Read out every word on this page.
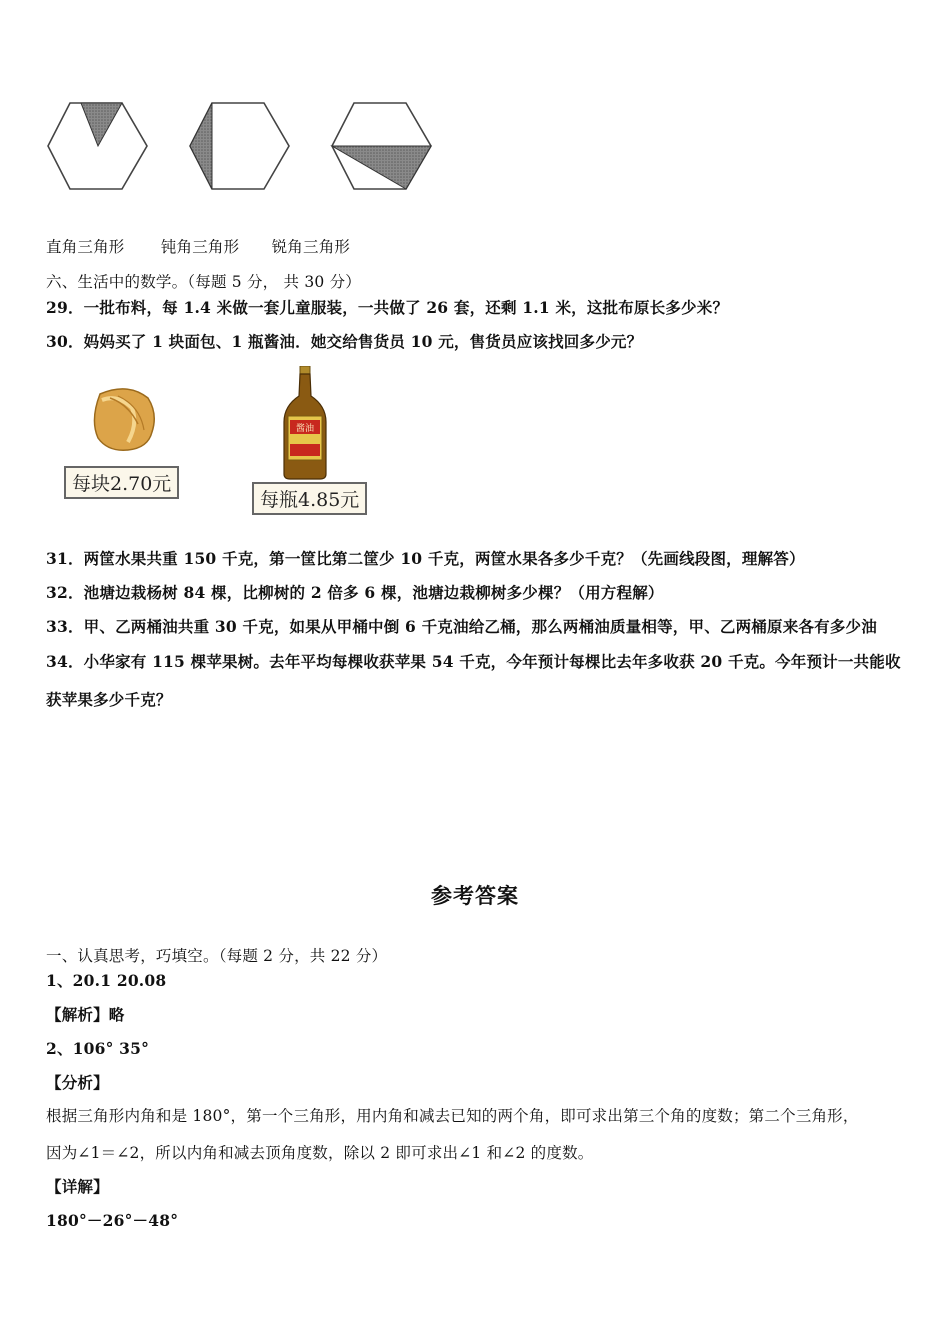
直角三角形 钝角三角形 锐角三角形
六、生活中的数学。（每题 5 分， 共 30 分）
29．一批布料，每 1.4 米做一套儿童服装，一共做了 26 套，还剩 1.1 米，这批布原长多少米？
30．妈妈买了 1 块面包、1 瓶酱油．她交给售货员 10 元，售货员应该找回多少元？
每块2.70元
酱油
每瓶4.85元
31．两筐水果共重 150 千克，第一筐比第二筐少 10 千克，两筐水果各多少千克？（先画线段图，理解答）
32．池塘边栽杨树 84 棵，比柳树的 2 倍多 6 棵，池塘边栽柳树多少棵？（用方程解）
33．甲、乙两桶油共重 30 千克，如果从甲桶中倒 6 千克油给乙桶，那么两桶油质量相等，甲、乙两桶原来各有多少油
34．小华家有 115 棵苹果树。去年平均每棵收获苹果 54 千克，今年预计每棵比去年多收获 20 千克。今年预计一共能收
获苹果多少千克？
参考答案
一、认真思考，巧填空。（每题 2 分，共 22 分）
1、20.1 20.08
【解析】略
2、106° 35°
【分析】
根据三角形内角和是 180°，第一个三角形，用内角和减去已知的两个角，即可求出第三个角的度数；第二个三角形，
因为∠1＝∠2，所以内角和减去顶角度数，除以 2 即可求出∠1 和∠2 的度数。
【详解】
180°－26°－48°
